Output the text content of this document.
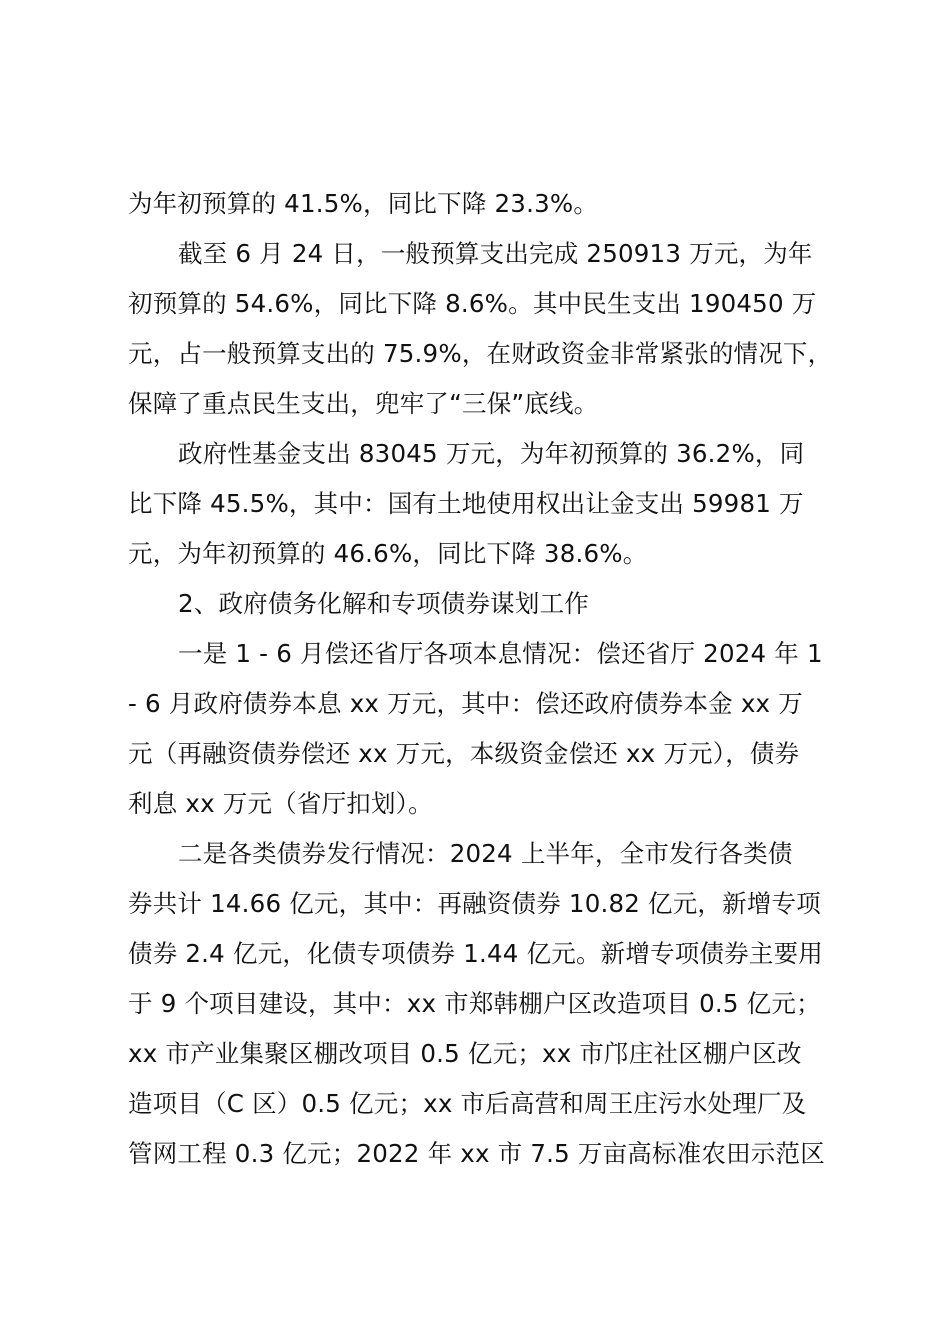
为年初预算的 41.5%，同比下降 23.3%。
截至 6 月 24 日，一般预算支出完成 250913 万元，为年
初预算的 54.6%，同比下降 8.6%。其中民生支出 190450 万
元，占一般预算支出的 75.9%，在财政资金非常紧张的情况下，
保障了重点民生支出，兜牢了“三保”底线。
政府性基金支出 83045 万元，为年初预算的 36.2%，同
比下降 45.5%，其中：国有土地使用权出让金支出 59981 万
元，为年初预算的 46.6%，同比下降 38.6%。
2、政府债务化解和专项债券谋划工作
一是 1 - 6 月偿还省厅各项本息情况：偿还省厅 2024 年 1
- 6 月政府债券本息 xx 万元，其中：偿还政府债券本金 xx 万
元（再融资债券偿还 xx 万元，本级资金偿还 xx 万元），债券
利息 xx 万元（省厅扣划）。
二是各类债券发行情况：2024 上半年，全市发行各类债
券共计 14.66 亿元，其中：再融资债券 10.82 亿元，新增专项
债券 2.4 亿元，化债专项债券 1.44 亿元。新增专项债券主要用
于 9 个项目建设，其中：xx 市郑韩棚户区改造项目 0.5 亿元；
xx 市产业集聚区棚改项目 0.5 亿元；xx 市邝庄社区棚户区改
造项目（C 区）0.5 亿元；xx 市后高营和周王庄污水处理厂及
管网工程 0.3 亿元；2022 年 xx 市 7.5 万亩高标准农田示范区
